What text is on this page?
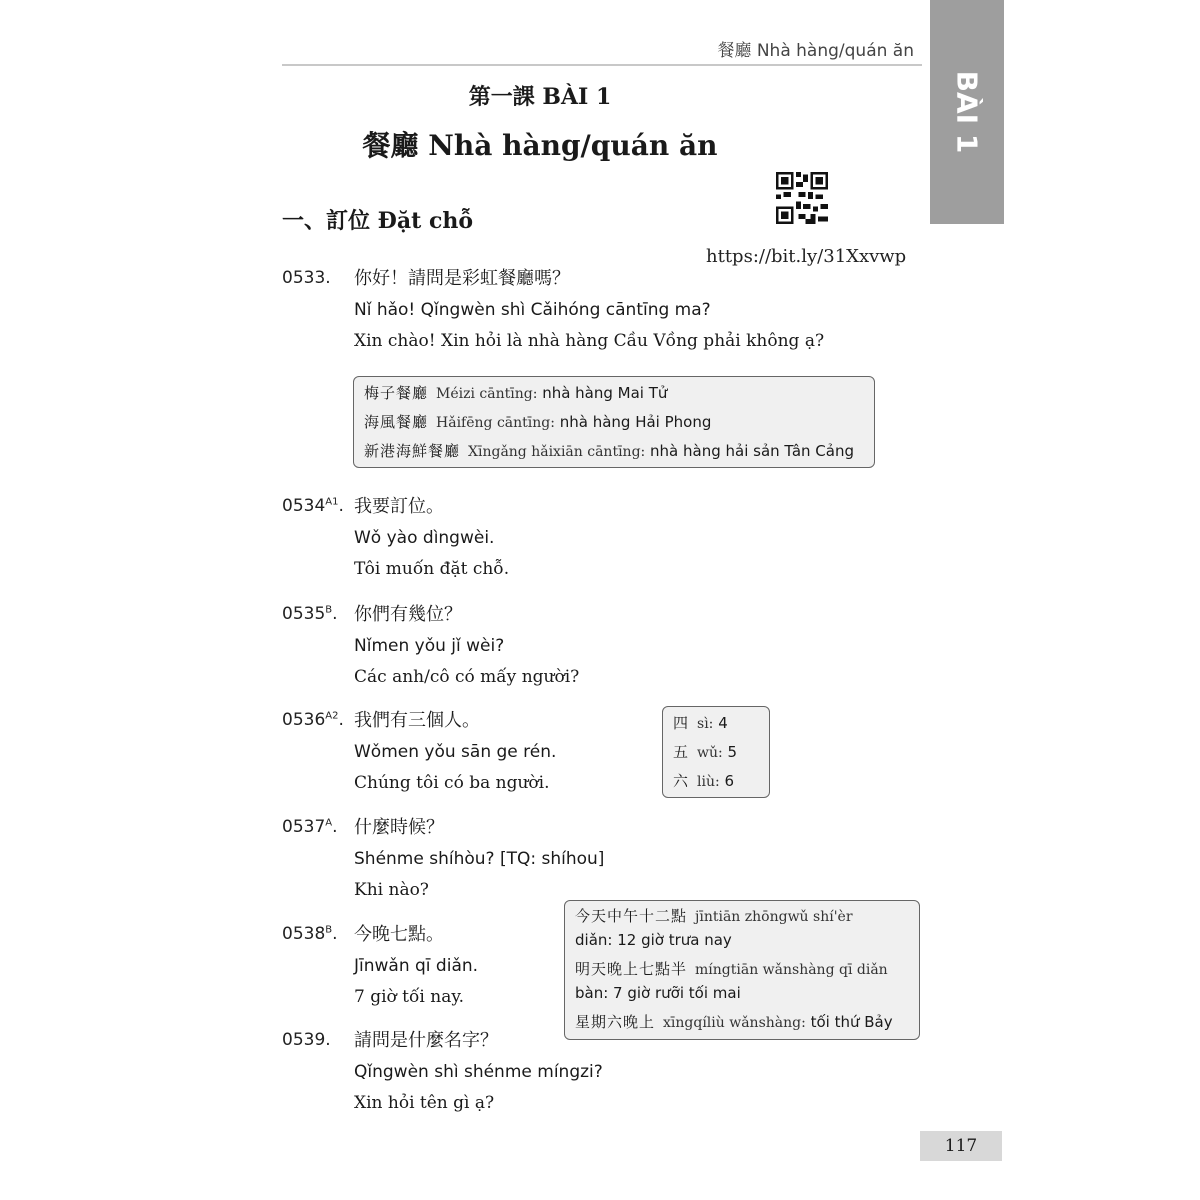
餐廳 Nhà hàng/quán ăn
BÀI 1
第一課 BÀI 1
餐廳 Nhà hàng/quán ăn
https://bit.ly/31Xxvwp
一、訂位 Đặt chỗ
0533. 你好！請問是彩虹餐廳嗎？
Nǐ hǎo! Qǐngwèn shì Cǎihóng cāntīng ma?
Xin chào! Xin hỏi là nhà hàng Cầu Vồng phải không ạ?
梅子餐廳 Méizi cāntīng: nhà hàng Mai Tử
海風餐廳 Hǎifēng cāntīng: nhà hàng Hải Phong
新港海鮮餐廳 Xīngǎng hǎixiān cāntīng: nhà hàng hải sản Tân Cảng
$0534^{A1}$. 我要訂位。
Wǒ yào dìngwèi.
Tôi muốn đặt chỗ.
$0535^B$. 你們有幾位？
Nǐmen yǒu jǐ wèi?
Các anh/cô có mấy người?
$0536^{A2}$. 我們有三個人。
Wǒmen yǒu sān ge rén.
Chúng tôi có ba người.
四 sì: 4
五 wǔ: 5
六 liù: 6
$0537^A$. 什麼時候？
Shénme shíhòu? [TQ: shíhou]
Khi nào?
$0538^B$. 今晚七點。
Jīnwǎn qī diǎn.
7 giờ tối nay.
今天中午十二點 jīntiān zhōngwǔ shí'èr
diǎn: 12 giờ trưa nay
明天晚上七點半 míngtiān wǎnshàng qī diǎn
bàn: 7 giờ rưỡi tối mai
星期六晚上 xīngqíliù wǎnshàng: tối thứ Bảy
0539. 請問是什麼名字？
Qǐngwèn shì shénme míngzi?
Xin hỏi tên gì ạ?
117
